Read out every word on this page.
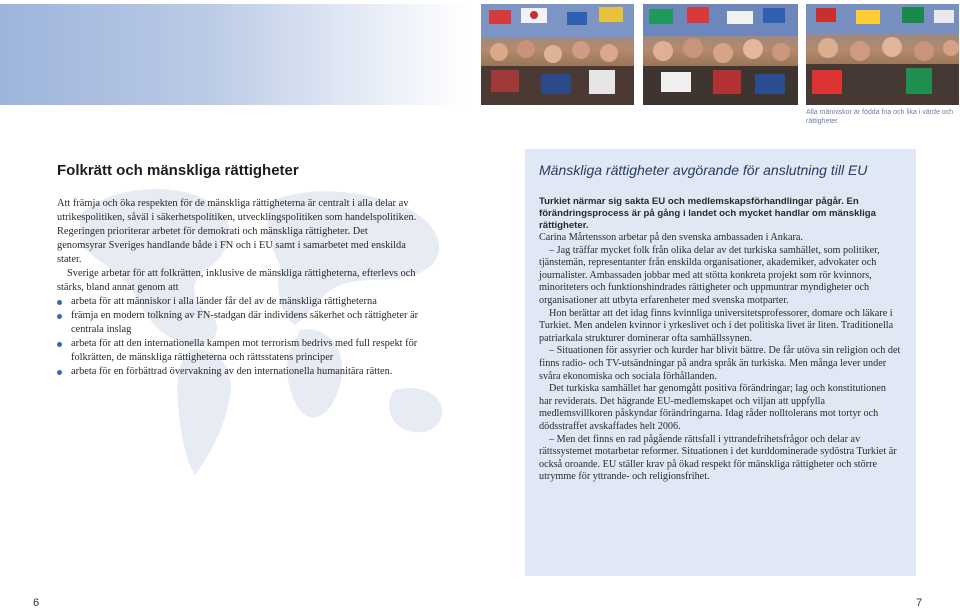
Alla människor är födda fria och lika i värde och rättigheter.
Folkrätt och mänskliga rättigheter

Att främja och öka respekten för de mänskliga rättigheterna är centralt i alla delar av utrikespolitiken, såväl i säkerhetspolitiken, utvecklingspolitiken som handelspolitiken. Regeringen prioriterar arbetet för demokrati och mänskliga rättigheter. Det genomsyrar Sveriges handlande både i FN och i EU samt i samarbetet med enskilda stater.

Sverige arbetar för att folkrätten, inklusive de mänskliga rättigheterna, efterlevs och stärks, bland annat genom att

arbeta för att människor i alla länder får del av de mänskliga rättigheterna
främja en modern tolkning av FN-stadgan där individens säkerhet och rättigheter är centrala inslag
arbeta för att den internationella kampen mot terrorism bedrivs med full respekt för folkrätten, de mänskliga rättigheterna och rättsstatens principer
arbeta för en förbättrad övervakning av den internationella humanitära rätten.
Mänskliga rättigheter avgörande för anslutning till EU

Turkiet närmar sig sakta EU och medlemskapsförhandlingar pågår. En förändringsprocess är på gång i landet och mycket handlar om mänskliga rättigheter.

Carina Mårtensson arbetar på den svenska ambassaden i Ankara.

– Jag träffar mycket folk från olika delar av det turkiska samhället, som politiker, tjänstemän, representanter från enskilda organisationer, akademiker, advokater och journalister. Ambassaden jobbar med att stötta konkreta projekt som rör kvinnors, minoriteters och funktionshindrades rättigheter och uppmuntrar myndigheter och organisationer att utbyta erfarenheter med svenska motparter.

Hon berättar att det idag finns kvinnliga universitetsprofessorer, domare och läkare i Turkiet. Men andelen kvinnor i yrkeslivet och i det politiska livet är liten. Traditionella patriarkala strukturer dominerar ofta samhällssynen.

– Situationen för assyrier och kurder har blivit bättre. De får utöva sin religion och det finns radio- och TV-utsändningar på andra språk än turkiska. Men många lever under svåra ekonomiska och sociala förhållanden.

Det turkiska samhället har genomgått positiva förändringar; lag och konstitutionen har reviderats. Det hägrande EU-medlemskapet och viljan att uppfylla medlemsvillkoren påskyndar förändringarna. Idag råder nolltolerans mot tortyr och dödsstraffet avskaffades helt 2006.

– Men det finns en rad pågående rättsfall i yttrandefrihetsfrågor och delar av rättssystemet motarbetar reformer. Situationen i det kurddominerade sydöstra Turkiet är också oroande. EU ställer krav på ökad respekt för mänskliga rättigheter och större utrymme för yttrande- och religionsfrihet.

6	7
